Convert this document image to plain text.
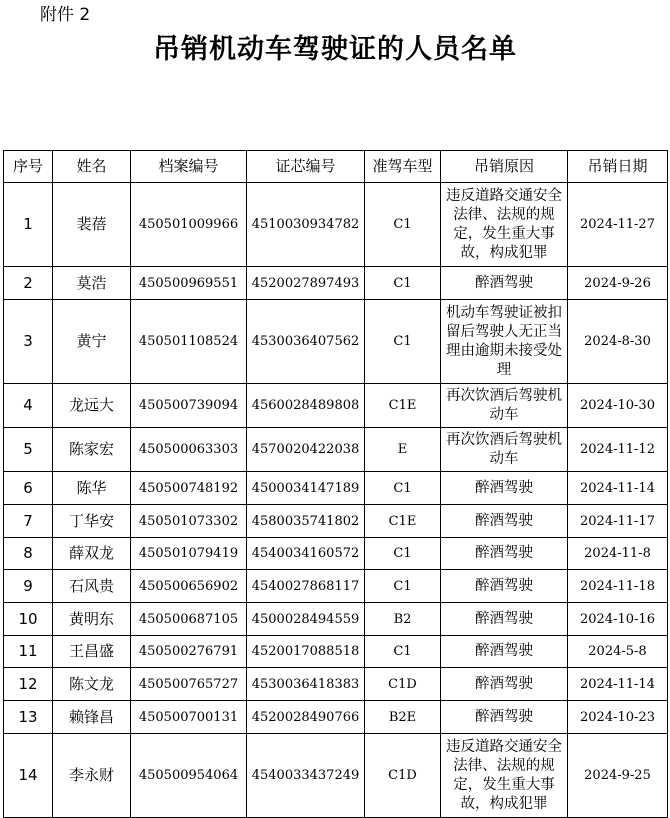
附件 2
吊销机动车驾驶证的人员名单
序号	姓名	档案编号	证芯编号	准驾车型	吊销原因	吊销日期
1	裴蓓	450501009966	4510030934782	C1	违反道路交通安全法律、法规的规定，发生重大事故，构成犯罪	2024-11-27
2	莫浩	450500969551	4520027897493	C1	醉酒驾驶	2024-9-26
3	黄宁	450501108524	4530036407562	C1	机动车驾驶证被扣留后驾驶人无正当理由逾期未接受处理	2024-8-30
4	龙远大	450500739094	4560028489808	C1E	再次饮酒后驾驶机动车	2024-10-30
5	陈家宏	450500063303	4570020422038	E	再次饮酒后驾驶机动车	2024-11-12
6	陈华	450500748192	4500034147189	C1	醉酒驾驶	2024-11-14
7	丁华安	450501073302	4580035741802	C1E	醉酒驾驶	2024-11-17
8	薛双龙	450501079419	4540034160572	C1	醉酒驾驶	2024-11-8
9	石风贵	450500656902	4540027868117	C1	醉酒驾驶	2024-11-18
10	黄明东	450500687105	4500028494559	B2	醉酒驾驶	2024-10-16
11	王昌盛	450500276791	4520017088518	C1	醉酒驾驶	2024-5-8
12	陈文龙	450500765727	4530036418383	C1D	醉酒驾驶	2024-11-14
13	赖锋昌	450500700131	4520028490766	B2E	醉酒驾驶	2024-10-23
14	李永财	450500954064	4540033437249	C1D	违反道路交通安全法律、法规的规定，发生重大事故，构成犯罪	2024-9-25
